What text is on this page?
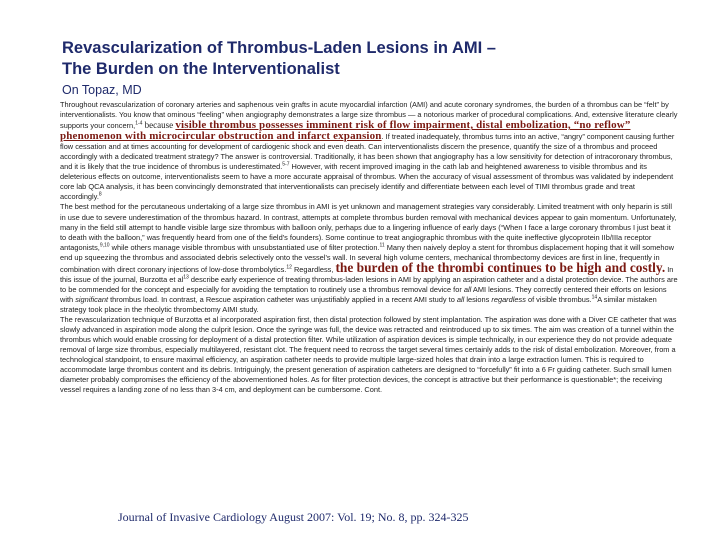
Revascularization of Thrombus-Laden Lesions in AMI –
The Burden on the Interventionalist
On Topaz, MD

Throughout revascularization of coronary arteries and saphenous vein grafts in acute myocardial infarction (AMI) and acute coronary syndromes, the burden of a thrombus can be “felt” by interventionalists. You know that ominous “feeling” when angiography demonstrates a large size thrombus — a notorious marker of procedural complications. And, extensive literature clearly supports your concern,$^{1-4}$ because visible thrombus possesses imminent risk of flow impairment, distal embolization, “no reflow” phenomenon with microcircular obstruction and infarct expansion. If treated inadequately, thrombus turns into an active, “angry” component causing further flow cessation and at times accounting for development of cardiogenic shock and even death. Can interventionalists discern the presence, quantify the size of a thrombus and proceed accordingly with a dedicated treatment strategy? The answer is controversial. Traditionally, it has been shown that angiography has a low sensitivity for detection of intracoronary thrombus, and it is likely that the true incidence of thrombus is underestimated.$^{5-7}$ However, with recent improved imaging in the cath lab and heightened awareness to visible thrombus and its deleterious effects on outcome, interventionalists seem to have a more accurate appraisal of thrombus. When the accuracy of visual assessment of thrombus was validated by independent core lab QCA analysis, it has been convincingly demonstrated that interventionalists can precisely identify and differentiate between each level of TIMI thrombus grade and treat accordingly.$^8$

The best method for the percutaneous undertaking of a large size thrombus in AMI is yet unknown and management strategies vary considerably. Limited treatment with only heparin is still in use due to severe underestimation of the thrombus hazard. In contrast, attempts at complete thrombus burden removal with mechanical devices appear to gain momentum. Unfortunately, many in the field still attempt to handle visible large size thrombus with balloon only, perhaps due to a lingering influence of early days (“When I face a large coronary thrombus I just beat it to death with the balloon,” was frequently heard from one of the field’s founders). Some continue to treat angiographic thrombus with the quite ineffective glycoprotein IIb/IIIa receptor antagonists,$^{9,10}$ while others manage visible thrombus with unsubstantiated use of filter protection.$^{11}$ Many then naively deploy a stent for thrombus displacement hoping that it will somehow end up squeezing the thrombus and associated debris selectively onto the vessel’s wall. In several high volume centers, mechanical thrombectomy devices are first in line, frequently in combination with direct coronary injections of low-dose thrombolytics.$^{12}$ Regardless, the burden of the thrombi continues to be high and costly. In this issue of the journal, Burzotta et $al^{13}$ describe early experience of treating thrombus-laden lesions in AMI by applying an aspiration catheter and a distal protection device. The authors are to be commended for the concept and especially for avoiding the temptation to routinely use a thrombus removal device for all AMI lesions. They correctly centered their efforts on lesions with significant thrombus load. In contrast, a Rescue aspiration catheter was unjustifiably applied in a recent AMI study to all lesions regardless of visible thrombus.$^{14}$A similar mistaken strategy took place in the rheolytic thrombectomy AIMI study.

The revascularization technique of Burzotta et al incorporated aspiration first, then distal protection followed by stent implantation. The aspiration was done with a Diver CE catheter that was slowly advanced in aspiration mode along the culprit lesion. Once the syringe was full, the device was retracted and reintroduced up to six times. The aim was creation of a tunnel within the thrombus which would enable crossing for deployment of a distal protection filter. While utilization of aspiration devices is simple technically, in our experience they do not provide adequate removal of large size thrombus, especially multilayered, resistant clot. The frequent need to recross the target several times certainly adds to the risk of distal embolization. Moreover, from a technological standpoint, to ensure maximal efficiency, an aspiration catheter needs to provide multiple large-sized holes that drain into a large extraction lumen. This is required to accommodate large thrombus content and its debris. Intriguingly, the present generation of aspiration catheters are designed to “forcefully” fit into a 6 Fr guiding catheter. Such small lumen diameter probably compromises the efficiency of the abovementioned holes. As for filter protection devices, the concept is attractive but their performance is questionable*; the receiving vessel requires a landing zone of no less than 3-4 cm, and deployment can be cumbersome. Cont.

Journal of Invasive Cardiology August 2007: Vol. 19; No. 8, pp. 324-325
